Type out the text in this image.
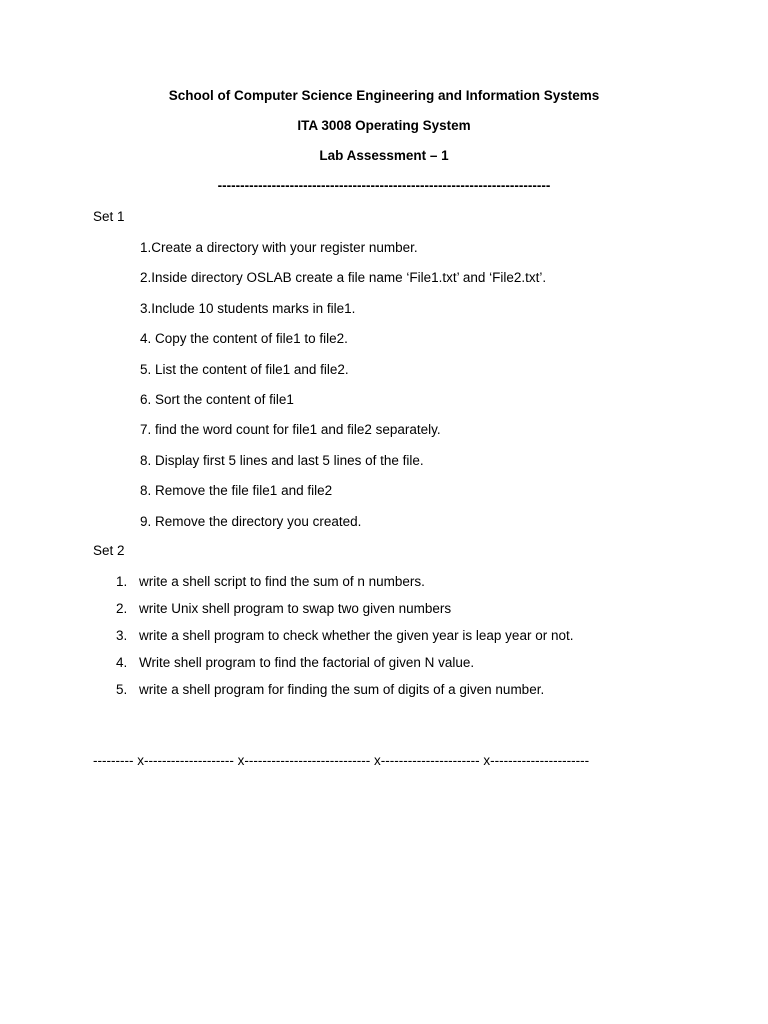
School of Computer Science Engineering and Information Systems
ITA 3008 Operating System
Lab Assessment – 1
--------------------------------------------------------------------------
Set 1
1.Create a directory with your register number.
2.Inside directory OSLAB create a file name ‘File1.txt’ and ‘File2.txt’.
3.Include 10 students marks in file1.
4. Copy the content of file1 to file2.
5. List the content of file1 and file2.
6. Sort the content of file1
7. find the word count for file1 and file2 separately.
8. Display first 5 lines and last 5 lines of the file.
8. Remove the file file1 and file2
9. Remove the directory you created.
Set 2
1. write a shell script to find the sum of n numbers.
2. write Unix shell program to swap two given numbers
3. write a shell program to check whether the given year is leap year or not.
4. Write shell program to find the factorial of given N value.
5. write a shell program for finding the sum of digits of a given number.
--------- x-------------------- x---------------------------- x---------------------- x----------------------
